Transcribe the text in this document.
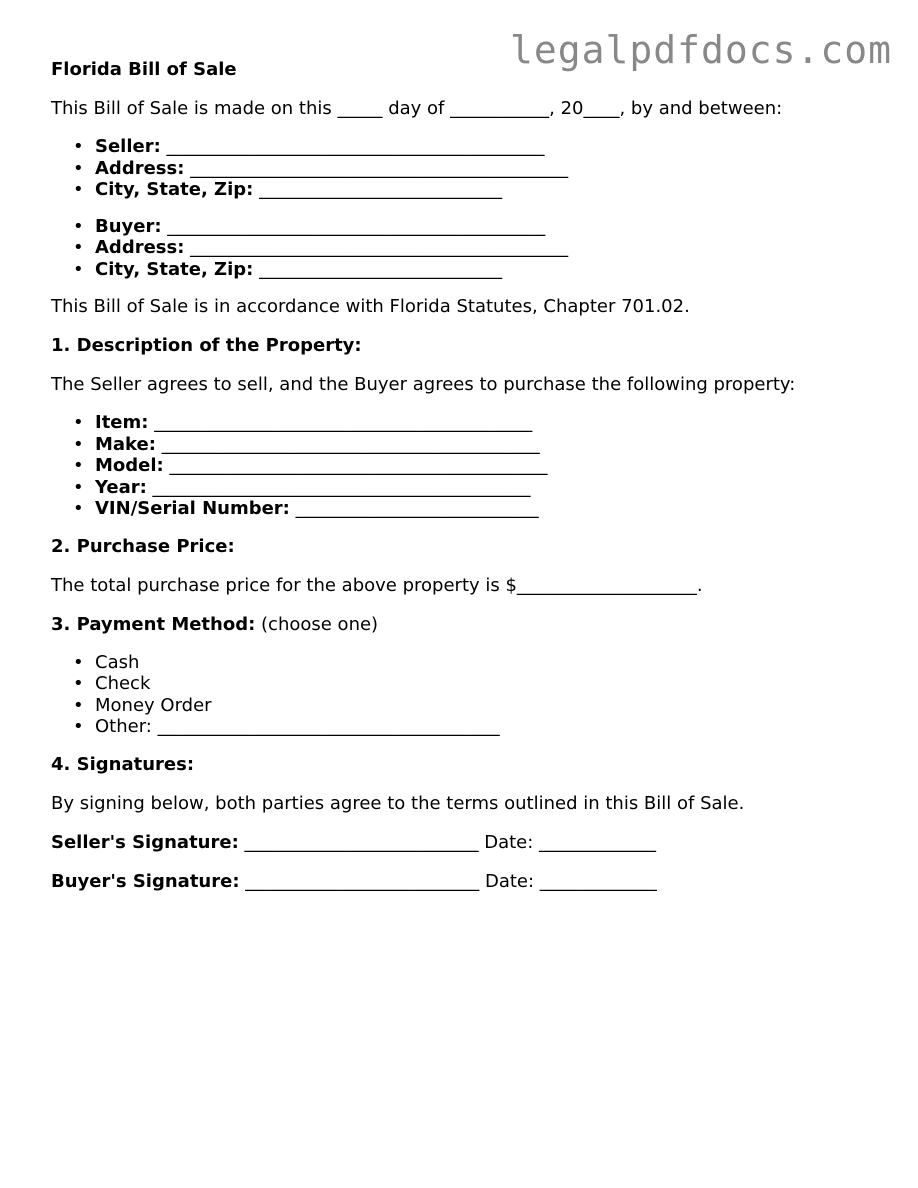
legalpdfdocs.com

Florida Bill of Sale

This Bill of Sale is made on this _____ day of ___________, 20____, by and between:

• Seller: __________________________________________
• Address: __________________________________________
• City, State, Zip: ___________________________
• Buyer: __________________________________________
• Address: __________________________________________
• City, State, Zip: ___________________________

This Bill of Sale is in accordance with Florida Statutes, Chapter 701.02.

1. Description of the Property:

The Seller agrees to sell, and the Buyer agrees to purchase the following property:

• Item: __________________________________________
• Make: __________________________________________
• Model: __________________________________________
• Year: __________________________________________
• VIN/Serial Number: ___________________________

2. Purchase Price:

The total purchase price for the above property is $____________________.

3. Payment Method: (choose one)

• Cash
• Check
• Money Order
• Other: ______________________________________

4. Signatures:

By signing below, both parties agree to the terms outlined in this Bill of Sale.

Seller's Signature: __________________________ Date: _____________

Buyer's Signature: __________________________ Date: _____________
